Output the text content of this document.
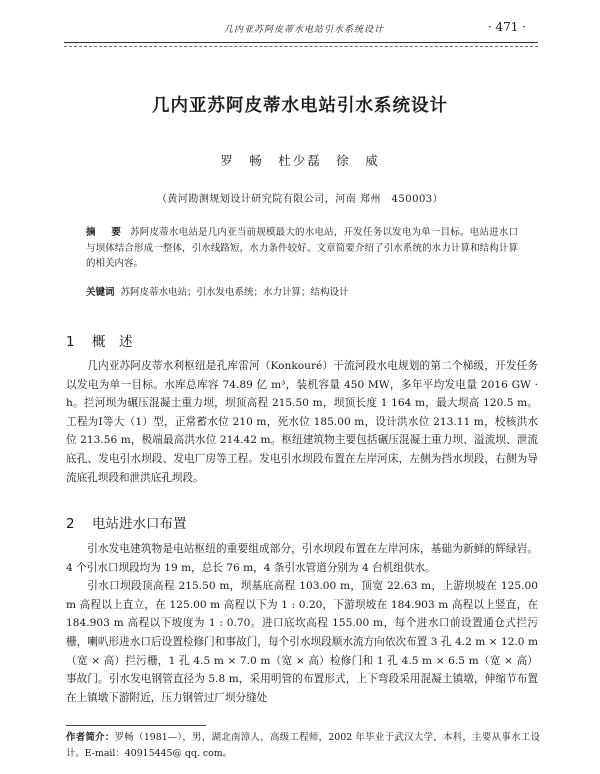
几内亚苏阿皮蒂水电站引水系统设计	· 471 ·
几内亚苏阿皮蒂水电站引水系统设计
罗　畅　杜少磊　徐　威
（黄河勘测规划设计研究院有限公司，河南 郑州　450003）
摘　要 苏阿皮蒂水电站是几内亚当前规模最大的水电站，开发任务以发电为单一目标。电站进水口与坝体结合形成一整体，引水线路短，水力条件较好。文章简要介绍了引水系统的水力计算和结构计算的相关内容。
关键词 苏阿皮蒂水电站；引水发电系统；水力计算；结构设计
1 概　述

几内亚苏阿皮蒂水利枢纽是孔库雷河（Konkouré）干流河段水电规划的第二个梯级，开发任务以发电为单一目标。水库总库容 74.89 亿 m³，装机容量 450 MW，多年平均发电量 2016 GW · h。拦河坝为碾压混凝土重力坝，坝顶高程 215.50 m，坝顶长度 1 164 m，最大坝高 120.5 m。工程为Ⅰ等大（1）型，正常蓄水位 210 m，死水位 185.00 m，设计洪水位 213.11 m，校核洪水位 213.56 m，极端最高洪水位 214.42 m。枢纽建筑物主要包括碾压混凝土重力坝、溢流坝、泄流底孔、发电引水坝段、发电厂房等工程。发电引水坝段布置在左岸河床，左侧为挡水坝段，右侧为导流底孔坝段和泄洪底孔坝段。

2 电站进水口布置

引水发电建筑物是电站枢纽的重要组成部分，引水坝段布置在左岸河床，基础为新鲜的辉绿岩。4 个引水口坝段均为 19 m，总长 76 m，4 条引水管道分别为 4 台机组供水。

引水口坝段顶高程 215.50 m，坝基底高程 103.00 m，顶宽 22.63 m，上游坝坡在 125.00 m 高程以上直立，在 125.00 m 高程以下为 1 : 0.20，下游坝坡在 184.903 m 高程以上竖直，在 184.903 m 高程以下坡度为 1 : 0.70。进口底坎高程 155.00 m，每个进水口前设置通仓式拦污栅，喇叭形进水口后设置检修门和事故门，每个引水坝段顺水流方向依次布置 3 孔 4.2 m × 12.0 m（宽 × 高）拦污栅，1 孔 4.5 m × 7.0 m（宽 × 高）检修门和 1 孔 4.5 m × 6.5 m（宽 × 高）事故门。引水发电钢管直径为 5.8 m，采用明管的布置形式，上下弯段采用混凝土镇墩，伸缩节布置在上镇墩下游附近，压力钢管过厂坝分缝处

作者简介：罗畅（1981—），男，湖北南漳人，高级工程师，2002 年毕业于武汉大学，本科，主要从事水工设计。E-mail：40915445@ qq. com。
